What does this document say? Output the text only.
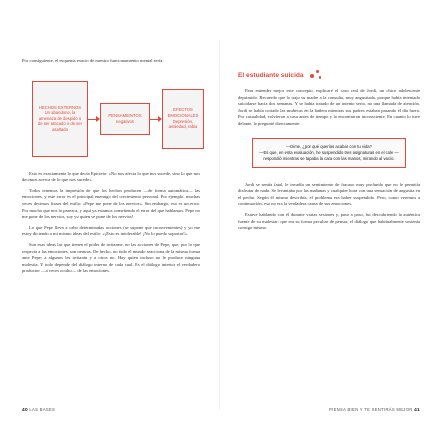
Por consiguiente, el esquema exacto de nuestro funcionamiento mental sería:

HECHOS EXTERNOS Un abandono, la amenaza de despido o de ser atacado o de ser asaltado
PENSAMIENTOS negativos
EFECTOS EMOCIONALES Depresión, ansiedad, rabia

Esto es exactamente lo que decía Epicteto: «No nos afecta lo que nos sucede, sino lo que nos decimos acerca de lo que nos sucede».

Todos tenemos la impresión de que los hechos producen —de forma automática— las emociones, y este error es el principal enemigo del crecimiento personal. Por ejemplo, muchas veces decimos frases del estilo: «Pepe me pone de los nervios». Sin embargo, eso es un error. Por mucho que nos lo parezca, y aquí ya estamos cometiendo el error del que hablamos. Pepe no me pone de los nervios, soy yo quien se pone de los nervios!

Lo que Pepe lleva a cabo determinadas acciones (se supone que inconvenientes) y yo me estoy diciendo a mí mismo ideas del estilo: «¡Esto es intolerable! ¡No lo puedo soportar!».

Son esas ideas las que tienen el poder de irritarme, no las acciones de Pepe, que, por lo que respecta a las emociones, son neutras. De hecho, no todo el mundo reacciona de la misma forma ante Pepe; a algunos les irritarán y a otros no. Hay quien incluso no le produce ninguna molestia. Y todo depende del diálogo interno de cada cual. Es el diálogo interior el verdadero productor —a veces oculto— de las emociones.

El estudiante suicida

Para entender mejor este concepto, explicaré el caso real de Jordi, un chico adolescente deprimido. Recuerdo que lo trajo su madre a la consulta, muy angustiada, porque había intentado suicidarse hacía dos semanas. Y se había tratado de un intento serio, no una llamada de atención. Jordi se había cortado las muñecas en la bañera mientras sus padres estaban pasando el día fuera. Por casualidad, volvieron a casa antes de tiempo y lo encontraron inconsciente. En cuanto lo tuve delante, le pregunté directamente:

—Dime, ¿por qué querías acabar con tu vida?
—Es que, en esta evaluación, he suspendido tres asignaturas en el cole —respondió mientras se tapaba la cara con las manos, mirando al vacío.

Jordi se sentía fatal, le invadía un sentimiento de fracaso muy profundo que no le permitía disfrutar de nada. Se levantaba por las mañanas y cualquier hora con una sensación de angustia en el pecho. Según él mismo describía, el problema era haber suspendido. Pero, como veremos a continuación, eso no era la verdadera causa de sus emociones.

Estuve hablando con él durante varias sesiones y, paso a paso, fui descubriendo la auténtica fuente de su malestar: que era su forma peculiar de pensar, el diálogo que habitualmente sostenía consigo mismo.

40 LAS BASES	PIENSA BIEN Y TE SENTIRÁS MEJOR 41
